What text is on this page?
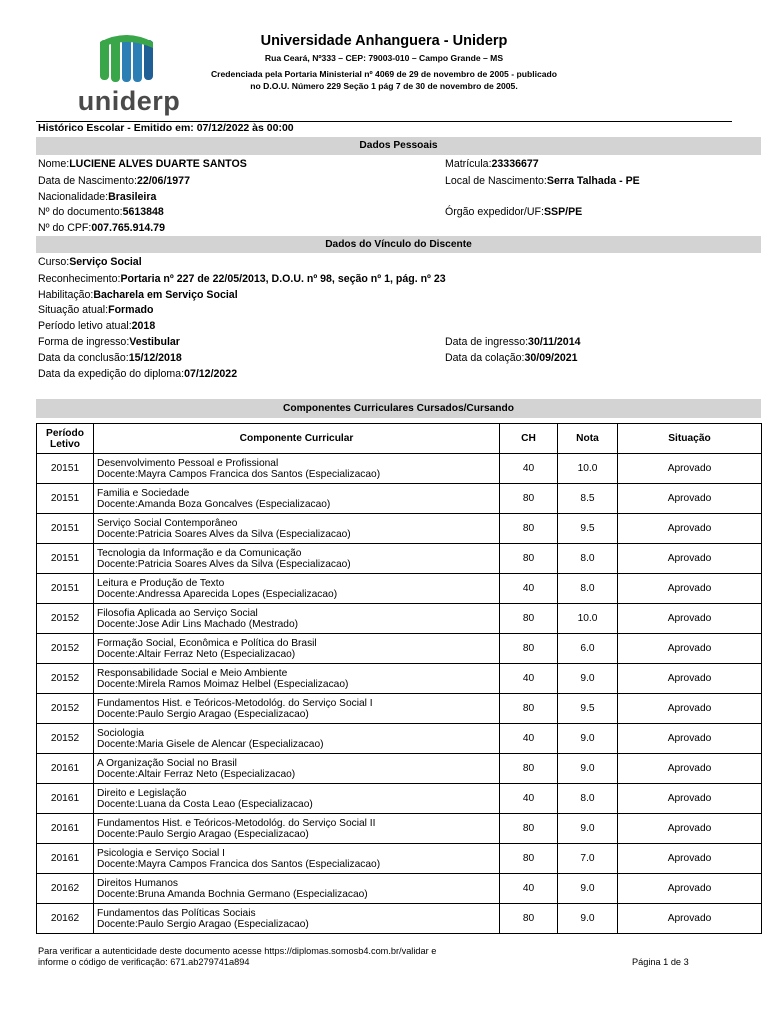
uniderp
Universidade Anhanguera - Uniderp
Rua Ceará, Nº333 – CEP: 79003-010 – Campo Grande – MS
Credenciada pela Portaria Ministerial nº 4069 de 29 de novembro de 2005 - publicado
no D.O.U. Número 229 Seção 1 pág 7 de 30 de novembro de 2005.
Histórico Escolar - Emitido em: 07/12/2022 às 00:00
Dados Pessoais
Nome:LUCIENE ALVES DUARTE SANTOS	Matrícula:23336677
Data de Nascimento:22/06/1977	Local de Nascimento:Serra Talhada - PE
Nacionalidade:Brasileira
Nº do documento:5613848	Órgão expedidor/UF:SSP/PE
Nº do CPF:007.765.914.79
Dados do Vínculo do Discente
Curso:Serviço Social
Reconhecimento:Portaria nº 227 de 22/05/2013, D.O.U. nº 98, seção nº 1, pág. nº 23
Habilitação:Bacharela em Serviço Social
Situação atual:Formado
Período letivo atual:2018
Forma de ingresso:Vestibular	Data de ingresso:30/11/2014
Data da conclusão:15/12/2018	Data da colação:30/09/2021
Data da expedição do diploma:07/12/2022
Componentes Curriculares Cursados/Cursando
Período
Letivo	Componente Curricular	CH	Nota	Situação
20151	Desenvolvimento Pessoal e Profissional
Docente:Mayra Campos Francica dos Santos (Especializacao)	40	10.0	Aprovado
20151	Familia e Sociedade
Docente:Amanda Boza Goncalves (Especializacao)	80	8.5	Aprovado
20151	Serviço Social Contemporâneo
Docente:Patricia Soares Alves da Silva (Especializacao)	80	9.5	Aprovado
20151	Tecnologia da Informação e da Comunicação
Docente:Patricia Soares Alves da Silva (Especializacao)	80	8.0	Aprovado
20151	Leitura e Produção de Texto
Docente:Andressa Aparecida Lopes (Especializacao)	40	8.0	Aprovado
20152	Filosofia Aplicada ao Serviço Social
Docente:Jose Adir Lins Machado (Mestrado)	80	10.0	Aprovado
20152	Formação Social, Econômica e Política do Brasil
Docente:Altair Ferraz Neto (Especializacao)	80	6.0	Aprovado
20152	Responsabilidade Social e Meio Ambiente
Docente:Mirela Ramos Moimaz Helbel (Especializacao)	40	9.0	Aprovado
20152	Fundamentos Hist. e Teóricos-Metodológ. do Serviço Social I
Docente:Paulo Sergio Aragao (Especializacao)	80	9.5	Aprovado
20152	Sociologia
Docente:Maria Gisele de Alencar (Especializacao)	40	9.0	Aprovado
20161	A Organização Social no Brasil
Docente:Altair Ferraz Neto (Especializacao)	80	9.0	Aprovado
20161	Direito e Legislação
Docente:Luana da Costa Leao (Especializacao)	40	8.0	Aprovado
20161	Fundamentos Hist. e Teóricos-Metodológ. do Serviço Social II
Docente:Paulo Sergio Aragao (Especializacao)	80	9.0	Aprovado
20161	Psicologia e Serviço Social I
Docente:Mayra Campos Francica dos Santos (Especializacao)	80	7.0	Aprovado
20162	Direitos Humanos
Docente:Bruna Amanda Bochnia Germano (Especializacao)	40	9.0	Aprovado
20162	Fundamentos das Políticas Sociais
Docente:Paulo Sergio Aragao (Especializacao)	80	9.0	Aprovado
Para verificar a autenticidade deste documento acesse https://diplomas.somosb4.com.br/validar e
informe o código de verificação: 671.ab279741a894	Página 1 de 3
